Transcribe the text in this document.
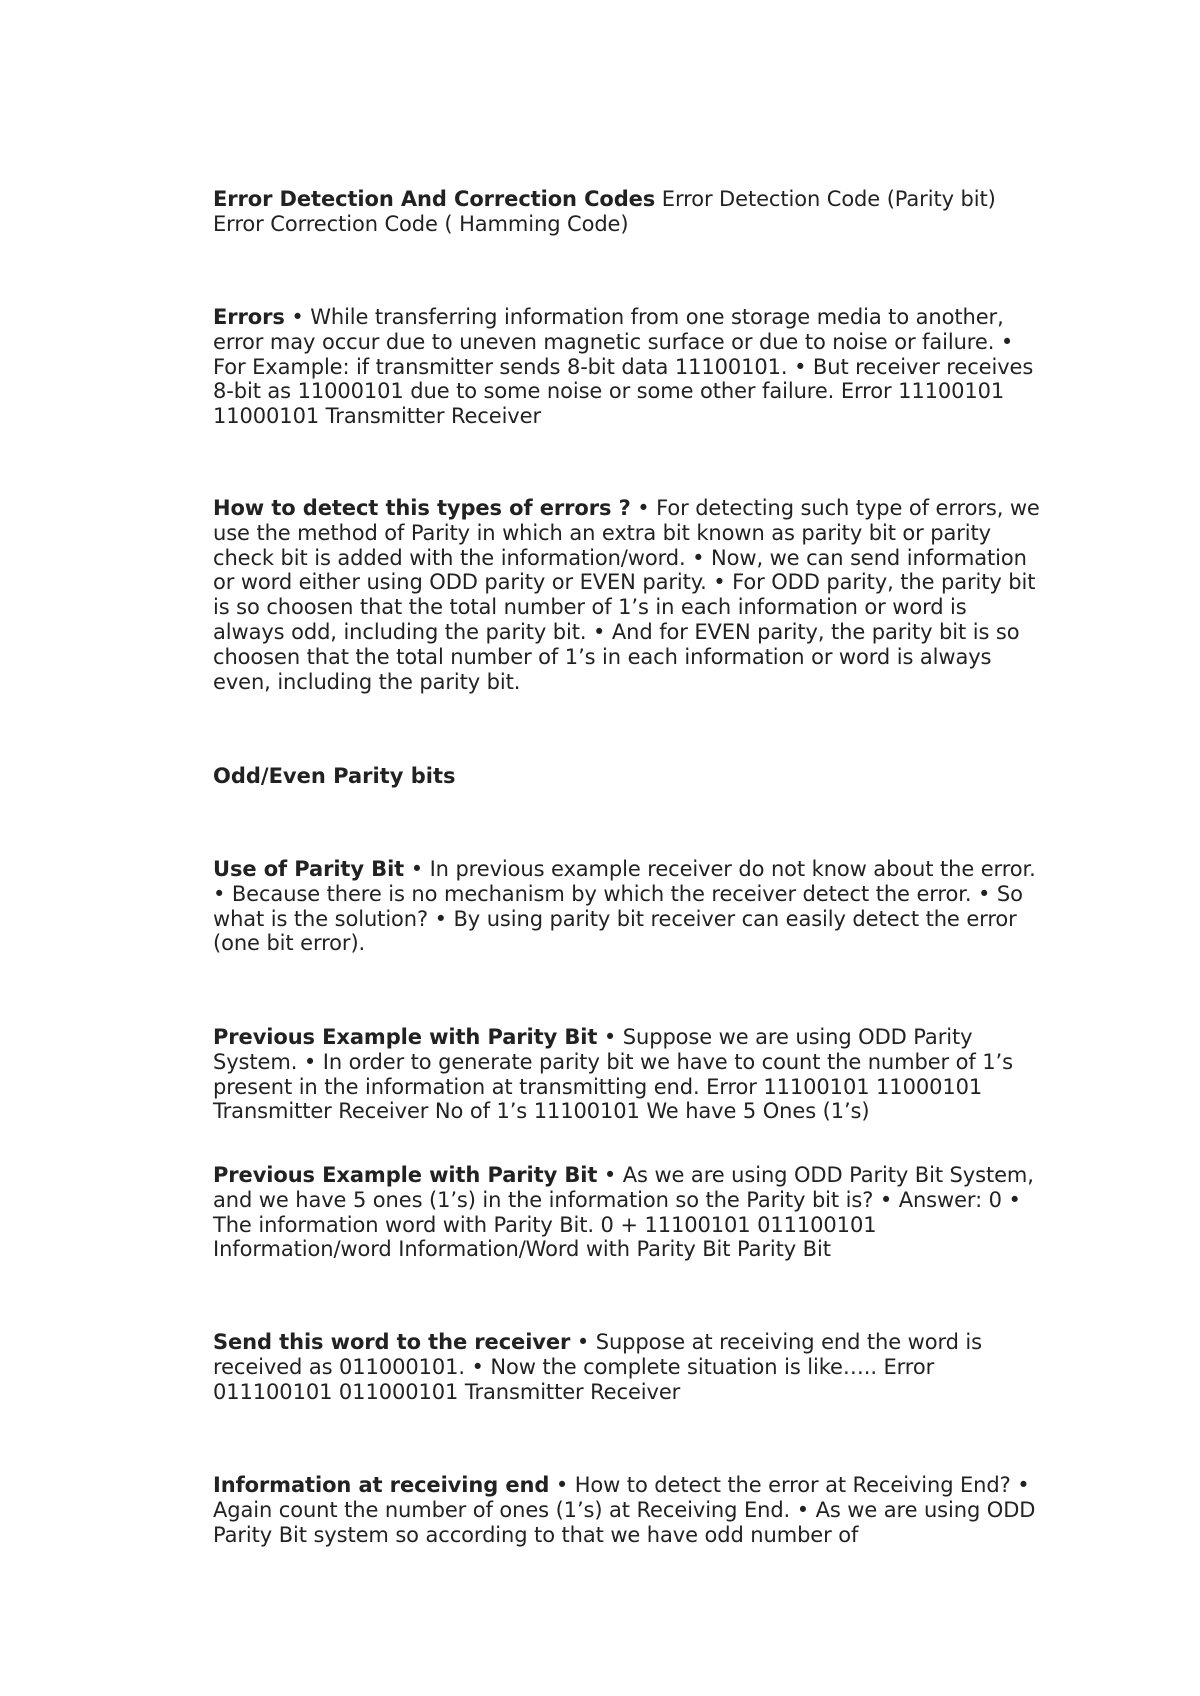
Error Detection And Correction Codes Error Detection Code (Parity bit) Error Correction Code ( Hamming Code)

Errors • While transferring information from one storage media to another, error may occur due to uneven magnetic surface or due to noise or failure. • For Example: if transmitter sends 8-bit data 11100101. • But receiver receives 8-bit as 11000101 due to some noise or some other failure. Error 11100101 11000101 Transmitter Receiver

How to detect this types of errors ? • For detecting such type of errors, we use the method of Parity in which an extra bit known as parity bit or parity check bit is added with the information/word. • Now, we can send information or word either using ODD parity or EVEN parity. • For ODD parity, the parity bit is so choosen that the total number of 1’s in each information or word is always odd, including the parity bit. • And for EVEN parity, the parity bit is so choosen that the total number of 1’s in each information or word is always even, including the parity bit.

Odd/Even Parity bits

Use of Parity Bit • In previous example receiver do not know about the error. • Because there is no mechanism by which the receiver detect the error. • So what is the solution? • By using parity bit receiver can easily detect the error (one bit error).

Previous Example with Parity Bit • Suppose we are using ODD Parity System. • In order to generate parity bit we have to count the number of 1’s present in the information at transmitting end. Error 11100101 11000101 Transmitter Receiver No of 1’s 11100101 We have 5 Ones (1’s)

Previous Example with Parity Bit • As we are using ODD Parity Bit System, and we have 5 ones (1’s) in the information so the Parity bit is? • Answer: 0 • The information word with Parity Bit. 0 + 11100101 011100101 Information/word Information/Word with Parity Bit Parity Bit

Send this word to the receiver • Suppose at receiving end the word is received as 011000101. • Now the complete situation is like….. Error 011100101 011000101 Transmitter Receiver

Information at receiving end • How to detect the error at Receiving End? • Again count the number of ones (1’s) at Receiving End. • As we are using ODD Parity Bit system so according to that we have odd number of
